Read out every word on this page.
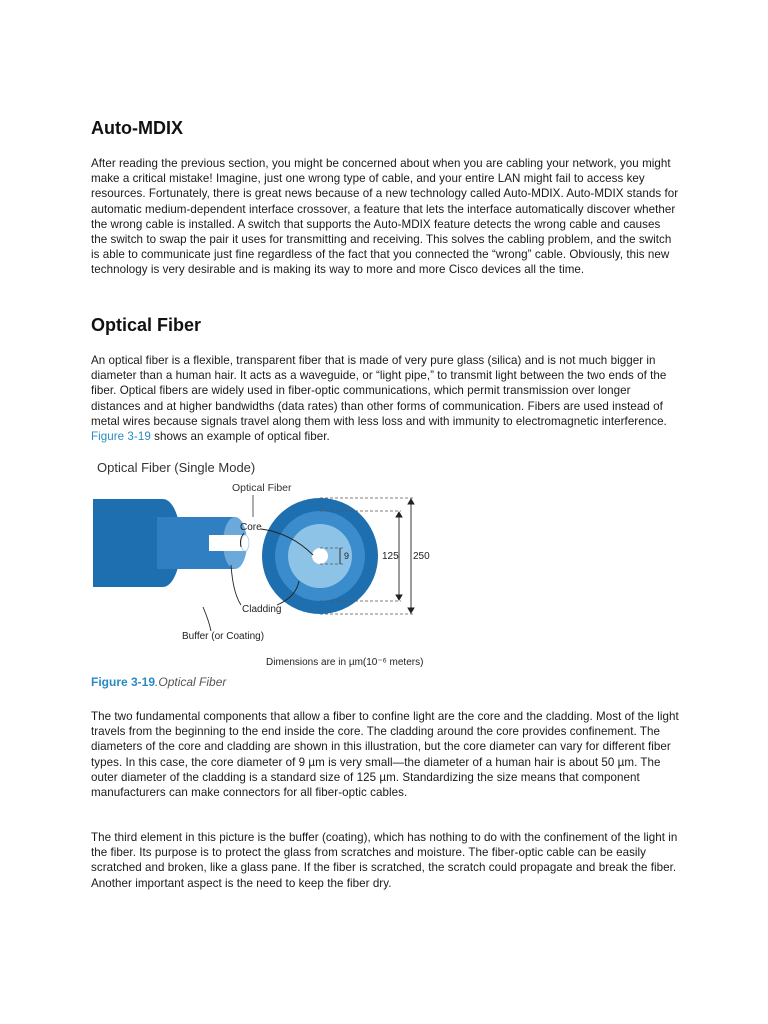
Auto-MDIX

After reading the previous section, you might be concerned about when you are cabling your network, you might make a critical mistake! Imagine, just one wrong type of cable, and your entire LAN might fail to access key resources. Fortunately, there is great news because of a new technology called Auto-MDIX. Auto-MDIX stands for automatic medium-dependent interface crossover, a feature that lets the interface automatically discover whether the wrong cable is installed. A switch that supports the Auto-MDIX feature detects the wrong cable and causes the switch to swap the pair it uses for transmitting and receiving. This solves the cabling problem, and the switch is able to communicate just fine regardless of the fact that you connected the “wrong” cable. Obviously, this new technology is very desirable and is making its way to more and more Cisco devices all the time.

Optical Fiber

An optical fiber is a flexible, transparent fiber that is made of very pure glass (silica) and is not much bigger in diameter than a human hair. It acts as a waveguide, or “light pipe,” to transmit light between the two ends of the fiber. Optical fibers are widely used in fiber-optic communications, which permit transmission over longer distances and at higher bandwidths (data rates) than other forms of communication. Fibers are used instead of metal wires because signals travel along them with less loss and with immunity to electromagnetic interference. Figure 3-19 shows an example of optical fiber.

Optical Fiber (Single Mode)
Optical Fiber
Core
Cladding
Buffer (or Coating)
9	125 250
Dimensions are in µm(10⁻⁶ meters)
Figure 3-19.Optical Fiber

The two fundamental components that allow a fiber to confine light are the core and the cladding. Most of the light travels from the beginning to the end inside the core. The cladding around the core provides confinement. The diameters of the core and cladding are shown in this illustration, but the core diameter can vary for different fiber types. In this case, the core diameter of 9 µm is very small—the diameter of a human hair is about 50 µm. The outer diameter of the cladding is a standard size of 125 µm. Standardizing the size means that component manufacturers can make connectors for all fiber-optic cables.

The third element in this picture is the buffer (coating), which has nothing to do with the confinement of the light in the fiber. Its purpose is to protect the glass from scratches and moisture. The fiber-optic cable can be easily scratched and broken, like a glass pane. If the fiber is scratched, the scratch could propagate and break the fiber. Another important aspect is the need to keep the fiber dry.
